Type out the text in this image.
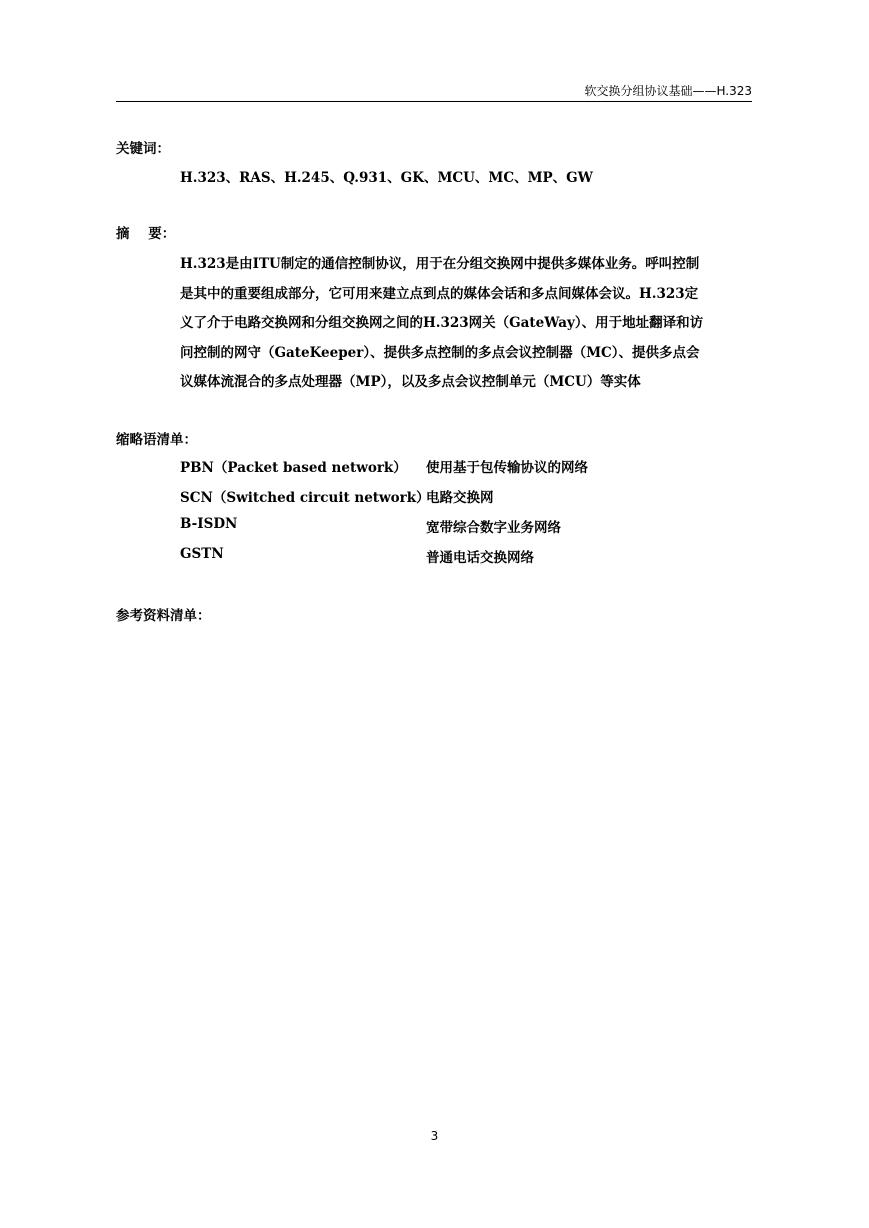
软交换分组协议基础——H.323
关键词：
H.323、RAS、H.245、Q.931、GK、MCU、MC、MP、GW
摘    要：

H.323是由ITU制定的通信控制协议，用于在分组交换网中提供多媒体业务。呼叫控制

是其中的重要组成部分，它可用来建立点到点的媒体会话和多点间媒体会议。H.323定

义了介于电路交换网和分组交换网之间的H.323网关（GateWay）、用于地址翻译和访

问控制的网守（GateKeeper）、提供多点控制的多点会议控制器（MC）、提供多点会

议媒体流混合的多点处理器（MP），以及多点会议控制单元（MCU）等实体

缩略语清单：
PBN（Packet based network） 使用基于包传输协议的网络
SCN（Switched circuit network）
电路交换网
B-ISDN	宽带综合数字业务网络
GSTN	普通电话交换网络
参考资料清单：
3
